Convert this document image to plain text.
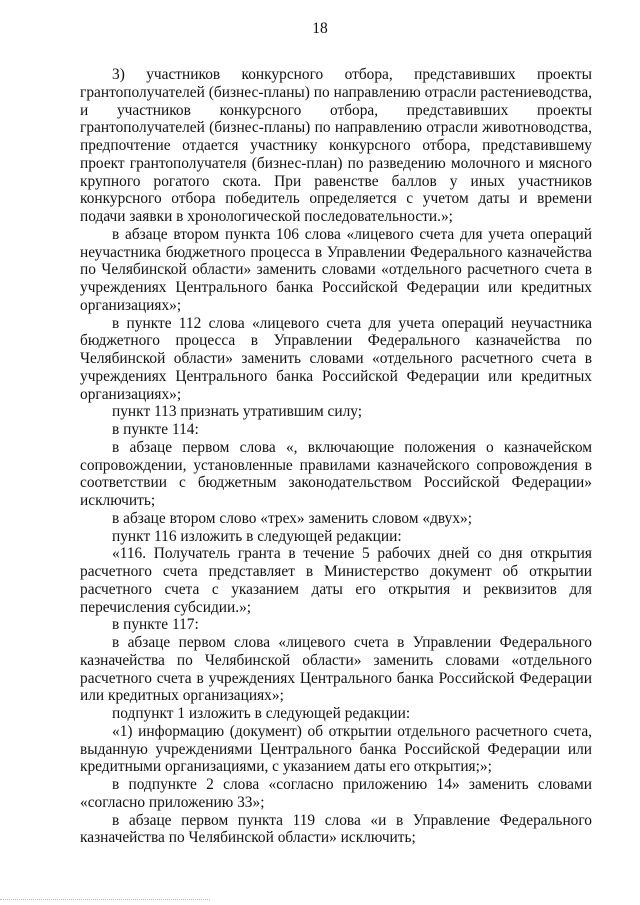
18

3) участников конкурсного отбора, представивших проекты грантополучателей (бизнес-планы) по направлению отрасли растениеводства, и участников конкурсного отбора, представивших проекты грантополучателей (бизнес-планы) по направлению отрасли животноводства, предпочтение отдается участнику конкурсного отбора, представившему проект грантополучателя (бизнес-план) по разведению молочного и мясного крупного рогатого скота. При равенстве баллов у иных участников конкурсного отбора победитель определяется с учетом даты и времени подачи заявки в хронологической последовательности.»;

в абзаце втором пункта 106 слова «лицевого счета для учета операций неучастника бюджетного процесса в Управлении Федерального казначейства по Челябинской области» заменить словами «отдельного расчетного счета в учреждениях Центрального банка Российской Федерации или кредитных организациях»;

в пункте 112 слова «лицевого счета для учета операций неучастника бюджетного процесса в Управлении Федерального казначейства по Челябинской области» заменить словами «отдельного расчетного счета в учреждениях Центрального банка Российской Федерации или кредитных организациях»;

пункт 113 признать утратившим силу;

в пункте 114:

в абзаце первом слова «, включающие положения о казначейском сопровождении, установленные правилами казначейского сопровождения в соответствии с бюджетным законодательством Российской Федерации» исключить;

в абзаце втором слово «трех» заменить словом «двух»;

пункт 116 изложить в следующей редакции:

«116. Получатель гранта в течение 5 рабочих дней со дня открытия расчетного счета представляет в Министерство документ об открытии расчетного счета с указанием даты его открытия и реквизитов для перечисления субсидии.»;

в пункте 117:

в абзаце первом слова «лицевого счета в Управлении Федерального казначейства по Челябинской области» заменить словами «отдельного расчетного счета в учреждениях Центрального банка Российской Федерации или кредитных организациях»;

подпункт 1 изложить в следующей редакции:

«1) информацию (документ) об открытии отдельного расчетного счета, выданную учреждениями Центрального банка Российской Федерации или кредитными организациями, с указанием даты его открытия;»;

в подпункте 2 слова «согласно приложению 14» заменить словами «согласно приложению 33»;

в абзаце первом пункта 119 слова «и в Управление Федерального казначейства по Челябинской области» исключить;
